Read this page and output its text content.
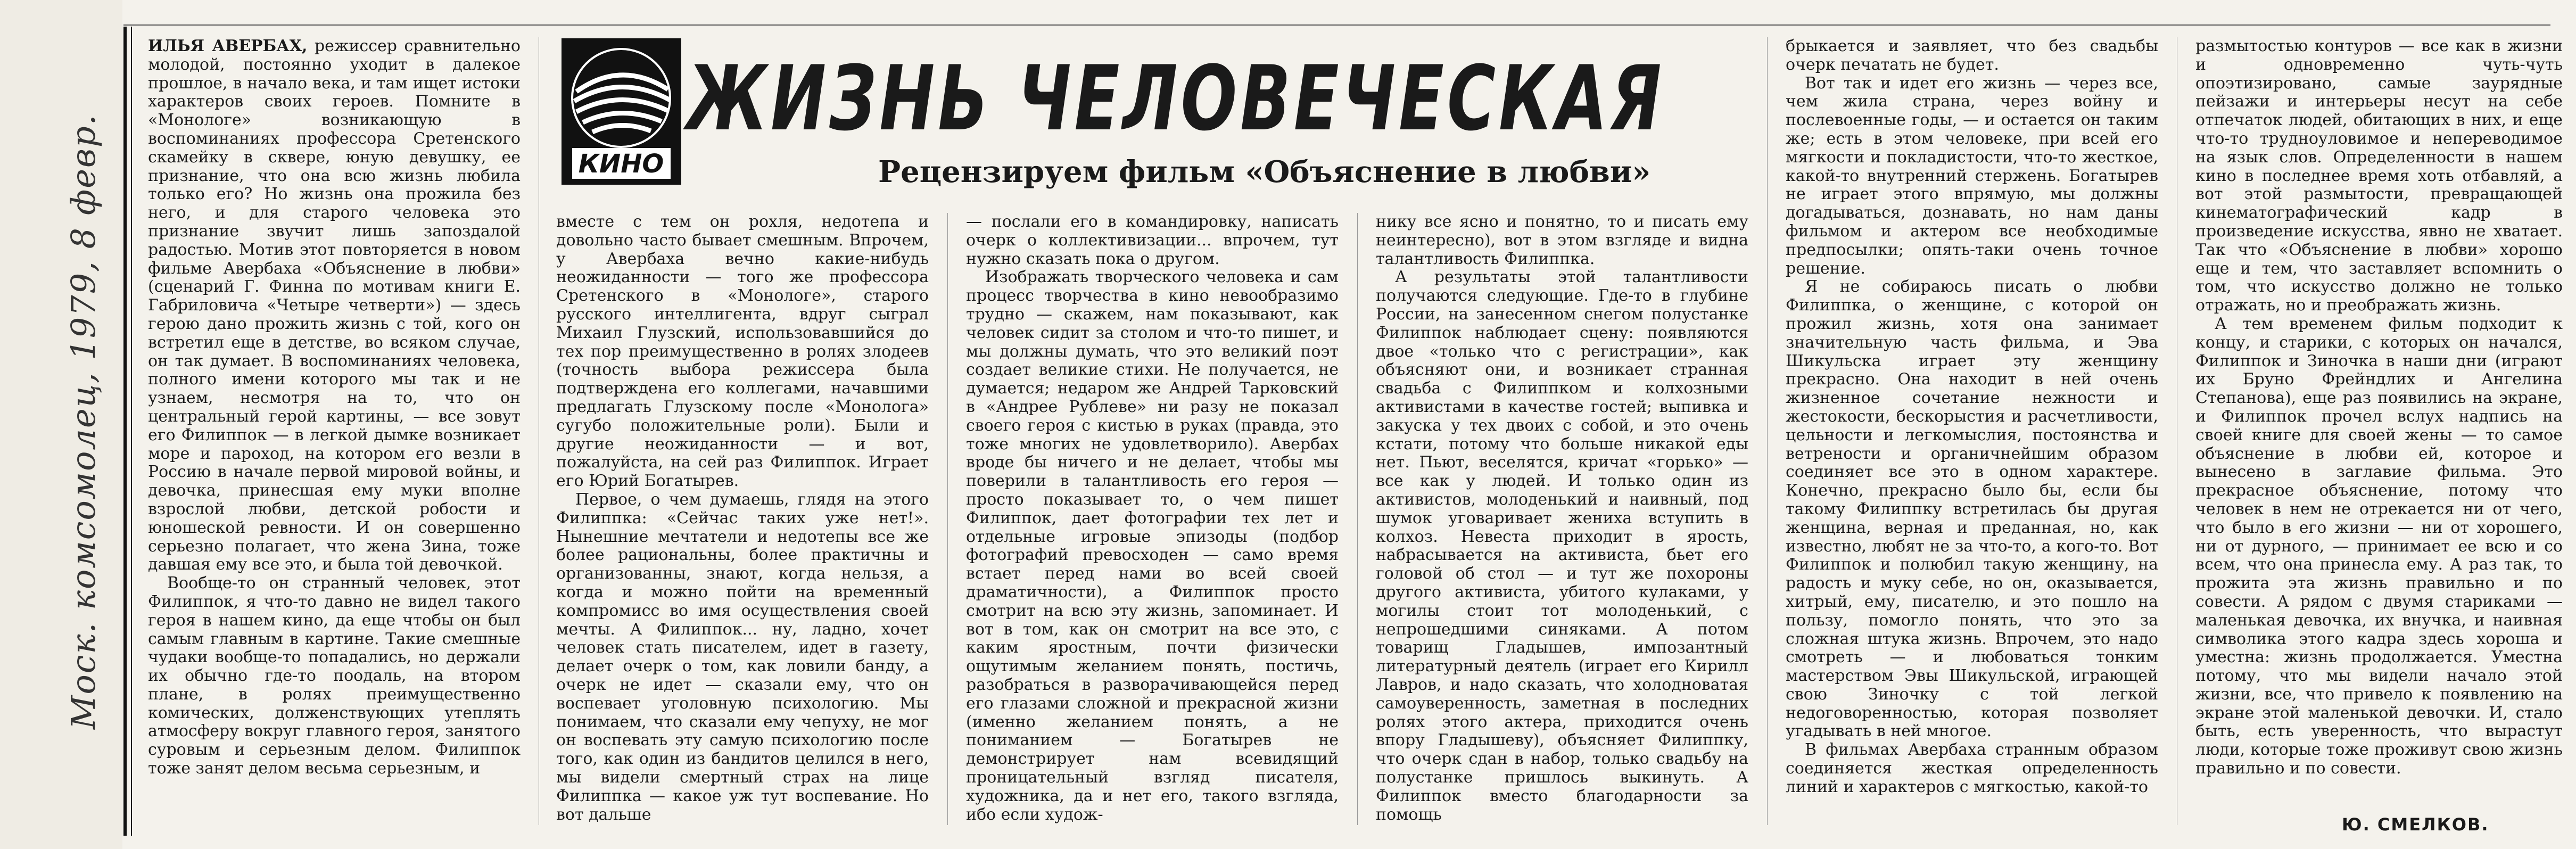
Моск. комсомолец, 1979, 8 февр.	КИНО
ЖИЗНЬ ЧЕЛОВЕЧЕСКАЯ
Рецензируем фильм «Объяснение в любви»

ИЛЬЯ АВЕРБАХ, режиссер сравнительно молодой, постоянно уходит в далекое прошлое, в начало века, и там ищет истоки характеров своих героев. Помните в «Монологе» возникающую в воспоминаниях профессора Сретенского скамейку в сквере, юную девушку, ее признание, что она всю жизнь любила только его? Но жизнь она прожила без него, и для старого человека это признание звучит лишь запоздалой радостью. Мотив этот повторяется в новом фильме Авербаха «Объяснение в любви» (сценарий Г. Финна по мотивам книги Е. Габриловича «Четыре четверти») — здесь герою дано прожить жизнь с той, кого он встретил еще в детстве, во всяком случае, он так думает. В воспоминаниях человека, полного имени которого мы так и не узнаем, несмотря на то, что он центральный герой картины, — все зовут его Филиппок — в легкой дымке возникает море и пароход, на котором его везли в Россию в начале первой мировой войны, и девочка, принесшая ему муки вполне взрослой любви, детской робости и юношеской ревности. И он совершенно серьезно полагает, что жена Зина, тоже давшая ему все это, и была той девочкой.

Вообще-то он странный человек, этот Филиппок, я что-то давно не видел такого героя в нашем кино, да еще чтобы он был самым главным в картине. Такие смешные чудаки вообще-то попадались, но держали их обычно где-то поодаль, на втором плане, в ролях преимущественно комических, долженствующих утеплять атмосферу вокруг главного героя, занятого суровым и серьезным делом. Филиппок тоже занят делом весьма серьезным, и

вместе с тем он рохля, недотепа и довольно часто бывает смешным. Впрочем, у Авербаха вечно какие-нибудь неожиданности — того же профессора Сретенского в «Монологе», старого русского интеллигента, вдруг сыграл Михаил Глузский, использовавшийся до тех пор преимущественно в ролях злодеев (точность выбора режиссера была подтверждена его коллегами, начавшими предлагать Глузскому после «Монолога» сугубо положительные роли). Были и другие неожиданности — и вот, пожалуйста, на сей раз Филиппок. Играет его Юрий Богатырев.

Первое, о чем думаешь, глядя на этого Филиппка: «Сейчас таких уже нет!». Нынешние мечтатели и недотепы все же более рациональны, более практичны и организованны, знают, когда нельзя, а когда и можно пойти на временный компромисс во имя осуществления своей мечты. А Филиппок... ну, ладно, хочет человек стать писателем, идет в газету, делает очерк о том, как ловили банду, а очерк не идет — сказали ему, что он воспевает уголовную психологию. Мы понимаем, что сказали ему чепуху, не мог он воспевать эту самую психологию после того, как один из бандитов целился в него, мы видели смертный страх на лице Филиппка — какое уж тут воспевание. Но вот дальше

— послали его в командировку, написать очерк о коллективизации... впрочем, тут нужно сказать пока о другом.

Изображать творческого человека и сам процесс творчества в кино невообразимо трудно — скажем, нам показывают, как человек сидит за столом и что-то пишет, и мы должны думать, что это великий поэт создает великие стихи. Не получается, не думается; недаром же Андрей Тарковский в «Андрее Рублеве» ни разу не показал своего героя с кистью в руках (правда, это тоже многих не удовлетворило). Авербах вроде бы ничего и не делает, чтобы мы поверили в талантливость его героя — просто показывает то, о чем пишет Филиппок, дает фотографии тех лет и отдельные игровые эпизоды (подбор фотографий превосходен — само время встает перед нами во всей своей драматичности), а Филиппок просто смотрит на всю эту жизнь, запоминает. И вот в том, как он смотрит на все это, с каким яростным, почти физически ощутимым желанием понять, постичь, разобраться в разворачивающейся перед его глазами сложной и прекрасной жизни (именно желанием понять, а не пониманием — Богатырев не демонстрирует нам всевидящий проницательный взгляд писателя, художника, да и нет его, такого взгляда, ибо если худож-

нику все ясно и понятно, то и писать ему неинтересно), вот в этом взгляде и видна талантливость Филиппка.

А результаты этой талантливости получаются следующие. Где-то в глубине России, на занесенном снегом полустанке Филиппок наблюдает сцену: появляются двое «только что с регистрации», как объясняют они, и возникает странная свадьба с Филиппком и колхозными активистами в качестве гостей; выпивка и закуска у тех двоих с собой, и это очень кстати, потому что больше никакой еды нет. Пьют, веселятся, кричат «горько» — все как у людей. И только один из активистов, молоденький и наивный, под шумок уговаривает жениха вступить в колхоз. Невеста приходит в ярость, набрасывается на активиста, бьет его головой об стол — и тут же похороны другого активиста, убитого кулаками, у могилы стоит тот молоденький, с непрошедшими синяками. А потом товарищ Гладышев, импозантный литературный деятель (играет его Кирилл Лавров, и надо сказать, что холодноватая самоуверенность, заметная в последних ролях этого актера, приходится очень впору Гладышеву), объясняет Филиппку, что очерк сдан в набор, только свадьбу на полустанке пришлось выкинуть. А Филиппок вместо благодарности за помощь

брыкается и заявляет, что без свадьбы очерк печатать не будет.

Вот так и идет его жизнь — через все, чем жила страна, через войну и послевоенные годы, — и остается он таким же; есть в этом человеке, при всей его мягкости и покладистости, что-то жесткое, какой-то внутренний стержень. Богатырев не играет этого впрямую, мы должны догадываться, дознавать, но нам даны фильмом и актером все необходимые предпосылки; опять-таки очень точное решение.

Я не собираюсь писать о любви Филиппка, о женщине, с которой он прожил жизнь, хотя она занимает значительную часть фильма, и Эва Шикульска играет эту женщину прекрасно. Она находит в ней очень жизненное сочетание нежности и жестокости, бескорыстия и расчетливости, цельности и легкомыслия, постоянства и ветрености и органичнейшим образом соединяет все это в одном характере. Конечно, прекрасно было бы, если бы такому Филиппку встретилась бы другая женщина, верная и преданная, но, как известно, любят не за что-то, а кого-то. Вот Филиппок и полюбил такую женщину, на радость и муку себе, но он, оказывается, хитрый, ему, писателю, и это пошло на пользу, помогло понять, что это за сложная штука жизнь. Впрочем, это надо смотреть — и любоваться тонким мастерством Эвы Шикульской, играющей свою Зиночку с той легкой недоговоренностью, которая позволяет угадывать в ней многое.

В фильмах Авербаха странным образом соединяется жесткая определенность линий и характеров с мягкостью, какой-то

размытостью контуров — все как в жизни и одновременно чуть-чуть опоэтизировано, самые заурядные пейзажи и интерьеры несут на себе отпечаток людей, обитающих в них, и еще что-то трудноуловимое и непереводимое на язык слов. Определенности в нашем кино в последнее время хоть отбавляй, а вот этой размытости, превращающей кинематографический кадр в произведение искусства, явно не хватает. Так что «Объяснение в любви» хорошо еще и тем, что заставляет вспомнить о том, что искусство должно не только отражать, но и преображать жизнь.

А тем временем фильм подходит к концу, и старики, с которых он начался, Филиппок и Зиночка в наши дни (играют их Бруно Фрейндлих и Ангелина Степанова), еще раз появились на экране, и Филиппок прочел вслух надпись на своей книге для своей жены — то самое объяснение в любви ей, которое и вынесено в заглавие фильма. Это прекрасное объяснение, потому что человек в нем не отрекается ни от чего, что было в его жизни — ни от хорошего, ни от дурного, — принимает ее всю и со всем, что она принесла ему. А раз так, то прожита эта жизнь правильно и по совести. А рядом с двумя стариками — маленькая девочка, их внучка, и наивная символика этого кадра здесь хороша и уместна: жизнь продолжается. Уместна потому, что мы видели начало этой жизни, все, что привело к появлению на экране этой маленькой девочки. И, стало быть, есть уверенность, что вырастут люди, которые тоже проживут свою жизнь правильно и по совести.

Ю. СМЕЛКОВ.
